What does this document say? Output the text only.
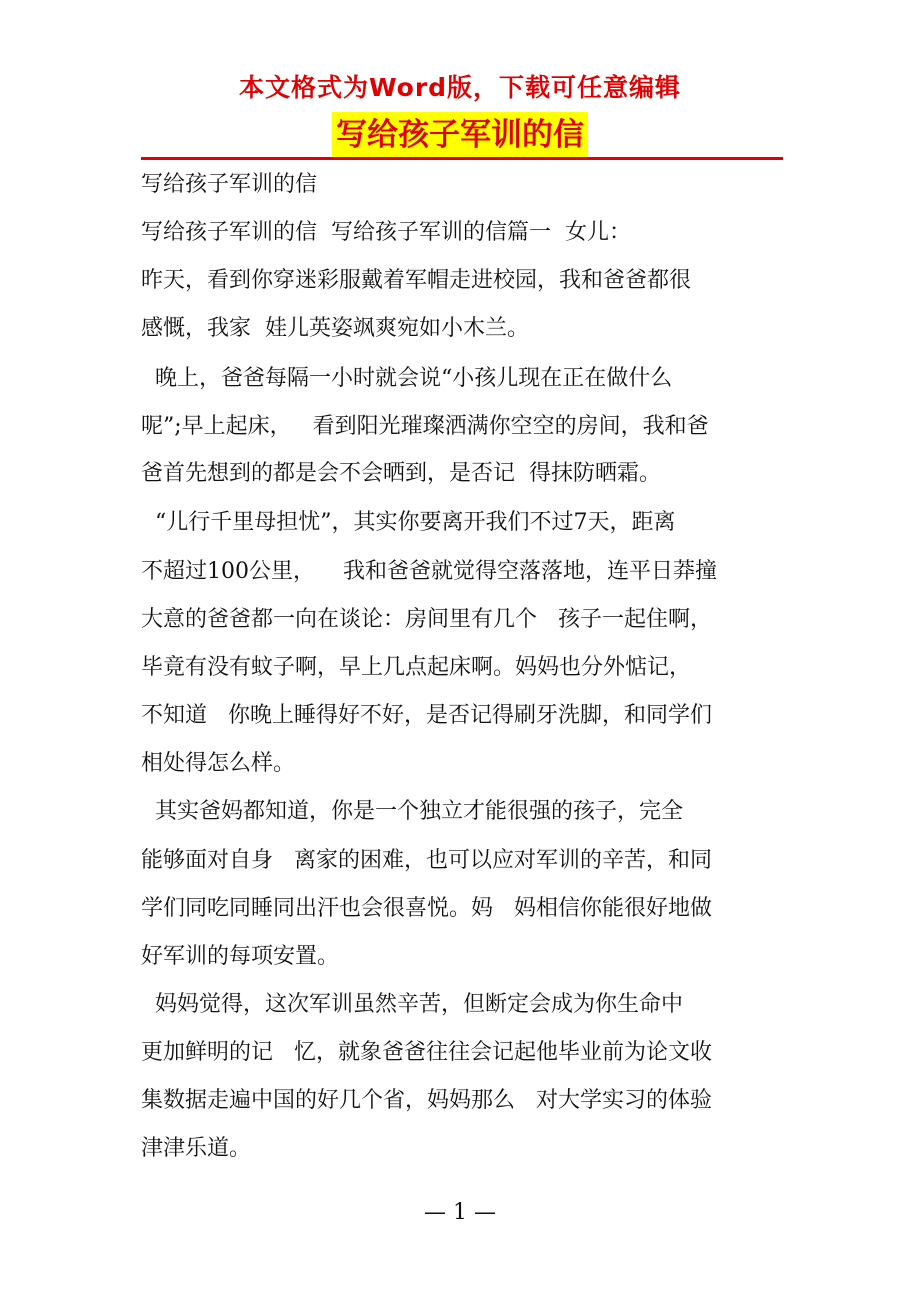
本文格式为Word版，下载可任意编辑
写给孩子军训的信
写给孩子军训的信
写给孩子军训的信  写给孩子军训的信篇一  女儿：
昨天，看到你穿迷彩服戴着军帽走进校园，我和爸爸都很
感慨，我家  娃儿英姿飒爽宛如小木兰。
晚上，爸爸每隔一小时就会说“小孩儿现在正在做什么
呢”;早上起床，   看到阳光璀璨洒满你空空的房间，我和爸
爸首先想到的都是会不会晒到，是否记  得抹防晒霜。
“儿行千里母担忧”，其实你要离开我们不过7天，距离
不超过100公里，    我和爸爸就觉得空落落地，连平日莽撞
大意的爸爸都一向在谈论：房间里有几个   孩子一起住啊，
毕竟有没有蚊子啊，早上几点起床啊。妈妈也分外惦记，
不知道   你晚上睡得好不好，是否记得刷牙洗脚，和同学们
相处得怎么样。
其实爸妈都知道，你是一个独立才能很强的孩子，完全
能够面对自身   离家的困难，也可以应对军训的辛苦，和同
学们同吃同睡同出汗也会很喜悦。妈   妈相信你能很好地做
好军训的每项安置。
妈妈觉得，这次军训虽然辛苦，但断定会成为你生命中
更加鲜明的记   忆，就象爸爸往往会记起他毕业前为论文收
集数据走遍中国的好几个省，妈妈那么   对大学实习的体验
津津乐道。
— 1 —
